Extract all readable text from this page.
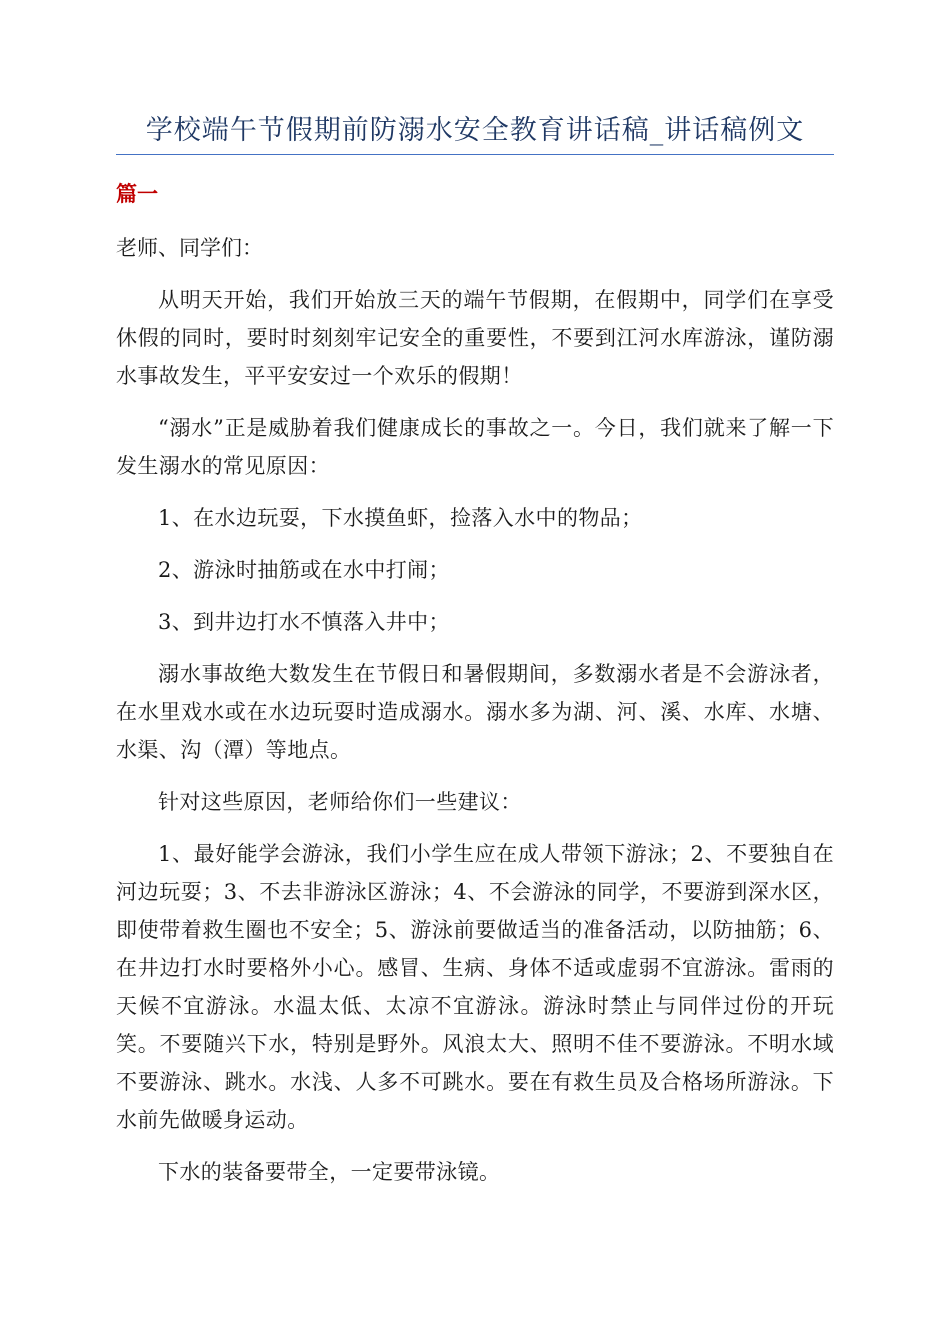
学校端午节假期前防溺水安全教育讲话稿_讲话稿例文
篇一
老师、同学们：

从明天开始，我们开始放三天的端午节假期，在假期中，同学们在享受休假的同时，要时时刻刻牢记安全的重要性，不要到江河水库游泳，谨防溺水事故发生，平平安安过一个欢乐的假期！

“溺水”正是威胁着我们健康成长的事故之一。今日，我们就来了解一下发生溺水的常见原因：

1、在水边玩耍，下水摸鱼虾，捡落入水中的物品；

2、游泳时抽筋或在水中打闹；

3、到井边打水不慎落入井中；

溺水事故绝大数发生在节假日和暑假期间，多数溺水者是不会游泳者，在水里戏水或在水边玩耍时造成溺水。溺水多为湖、河、溪、水库、水塘、水渠、沟（潭）等地点。

针对这些原因，老师给你们一些建议：

1、最好能学会游泳，我们小学生应在成人带领下游泳；2、不要独自在河边玩耍；3、不去非游泳区游泳；4、不会游泳的同学，不要游到深水区，即使带着救生圈也不安全；5、游泳前要做适当的准备活动，以防抽筋；6、在井边打水时要格外小心。感冒、生病、身体不适或虚弱不宜游泳。雷雨的天候不宜游泳。水温太低、太凉不宜游泳。游泳时禁止与同伴过份的开玩笑。不要随兴下水，特别是野外。风浪太大、照明不佳不要游泳。不明水域不要游泳、跳水。水浅、人多不可跳水。要在有救生员及合格场所游泳。下水前先做暖身运动。

下水的装备要带全，一定要带泳镜。
